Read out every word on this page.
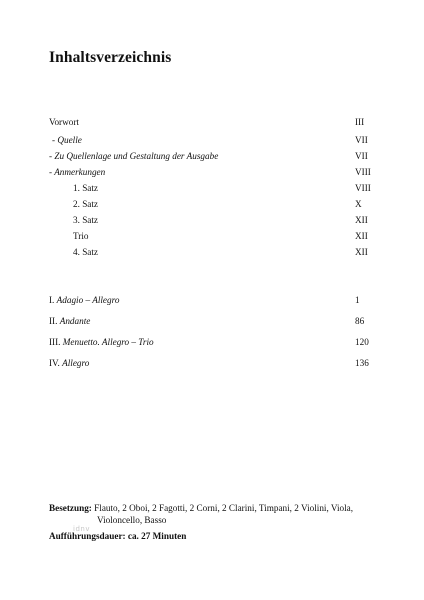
Inhaltsverzeichnis
Vorwort	III
- Quelle	VII
- Zu Quellenlage und Gestaltung der Ausgabe	VII
- Anmerkungen	VIII
1. Satz	VIII
2. Satz	X
3. Satz	XII
Trio	XII
4. Satz	XII
I. Adagio – Allegro	1
II. Andante	86
III. Menuetto. Allegro – Trio	120
IV. Allegro	136
Besetzung: Flauto, 2 Oboi, 2 Fagotti, 2 Corni, 2 Clarini, Timpani, 2 Violini, Viola,
Violoncello, Basso
Aufführungsdauer: ca. 27 Minuten
idnv
